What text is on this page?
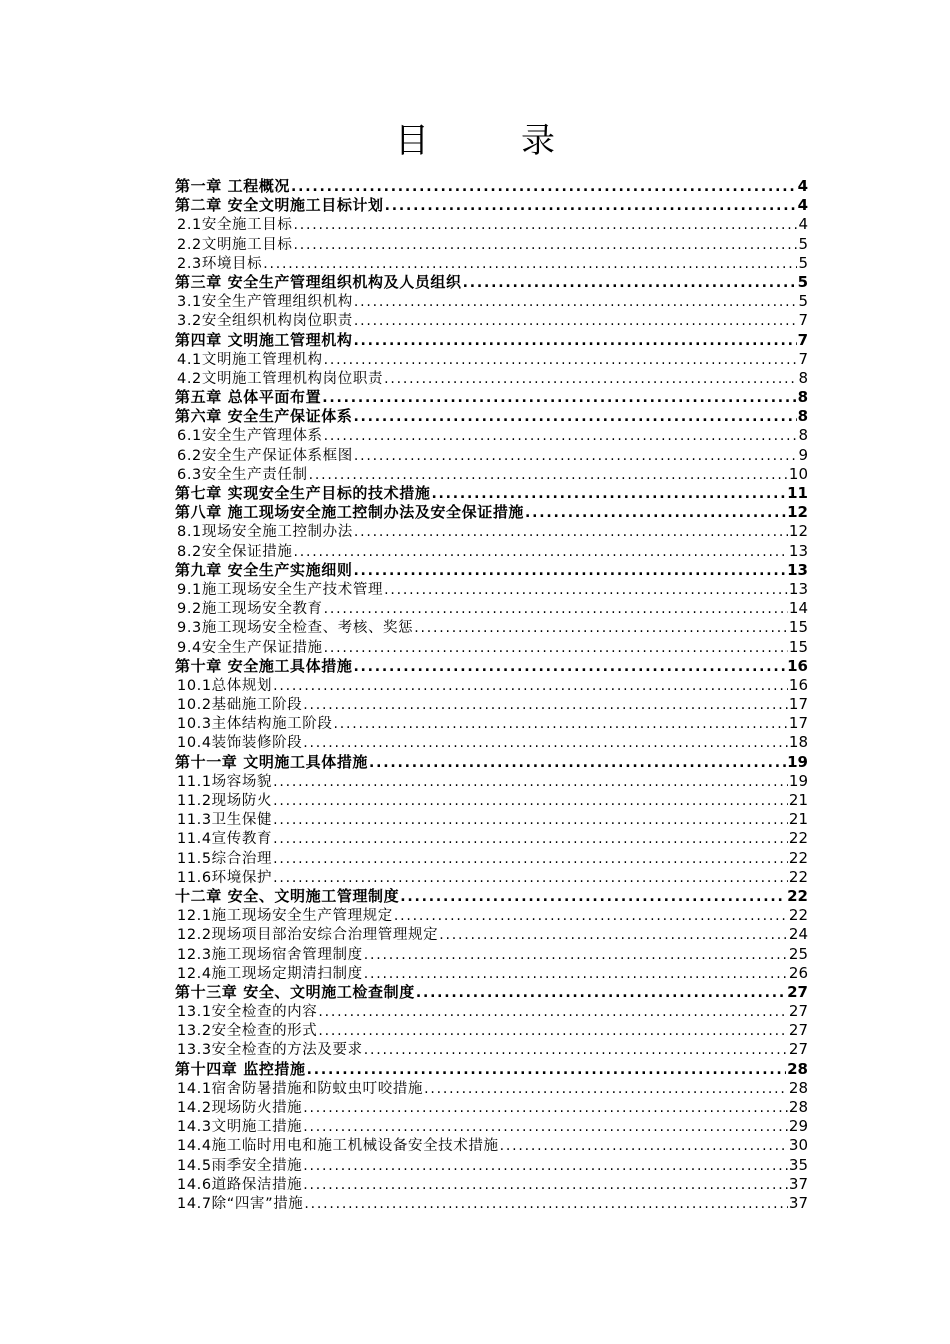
目	录
第一章 工程概况 .....	4
第二章 安全文明施工目标计划 .....	4
2.1安全施工目标 .....	4
2.2文明施工目标 .....	5
2.3环境目标 .....	5
第三章 安全生产管理组织机构及人员组织 .....	5
3.1安全生产管理组织机构 .....	5
3.2安全组织机构岗位职责 .....	7
第四章 文明施工管理机构 .....	7
4.1文明施工管理机构 .....	7
4.2文明施工管理机构岗位职责 .....	8
第五章 总体平面布置 .....	8
第六章 安全生产保证体系 .....	8
6.1安全生产管理体系 .....	8
6.2安全生产保证体系框图 .....	9
6.3安全生产责任制 .....	10
第七章 实现安全生产目标的技术措施 .....	11
第八章 施工现场安全施工控制办法及安全保证措施 .....	12
8.1现场安全施工控制办法 .....	12
8.2安全保证措施 .....	13
第九章 安全生产实施细则 .....	13
9.1施工现场安全生产技术管理 .....	13
9.2施工现场安全教育 .....	14
9.3施工现场安全检查、考核、奖惩 .....	15
9.4安全生产保证措施 .....	15
第十章 安全施工具体措施 .....	16
10.1总体规划 .....	16
10.2基础施工阶段 .....	17
10.3主体结构施工阶段 .....	17
10.4装饰装修阶段 .....	18
第十一章 文明施工具体措施 .....	19
11.1场容场貌 .....	19
11.2现场防火 .....	21
11.3卫生保健 .....	21
11.4宣传教育 .....	22
11.5综合治理 .....	22
11.6环境保护 .....	22
十二章 安全、文明施工管理制度 .....	22
12.1施工现场安全生产管理规定 .....	22
12.2现场项目部治安综合治理管理规定 .....	24
12.3施工现场宿舍管理制度 .....	25
12.4施工现场定期清扫制度 .....	26
第十三章 安全、文明施工检查制度 .....	27
13.1安全检查的内容 .....	27
13.2安全检查的形式 .....	27
13.3安全检查的方法及要求 .....	27
第十四章 监控措施 .....	28
14.1宿舍防暑措施和防蚊虫叮咬措施 .....	28
14.2现场防火措施 .....	28
14.3文明施工措施 .....	29
14.4施工临时用电和施工机械设备安全技术措施 .....	30
14.5雨季安全措施 .....	35
14.6道路保洁措施 .....	37
14.7除“四害”措施 .....	37
